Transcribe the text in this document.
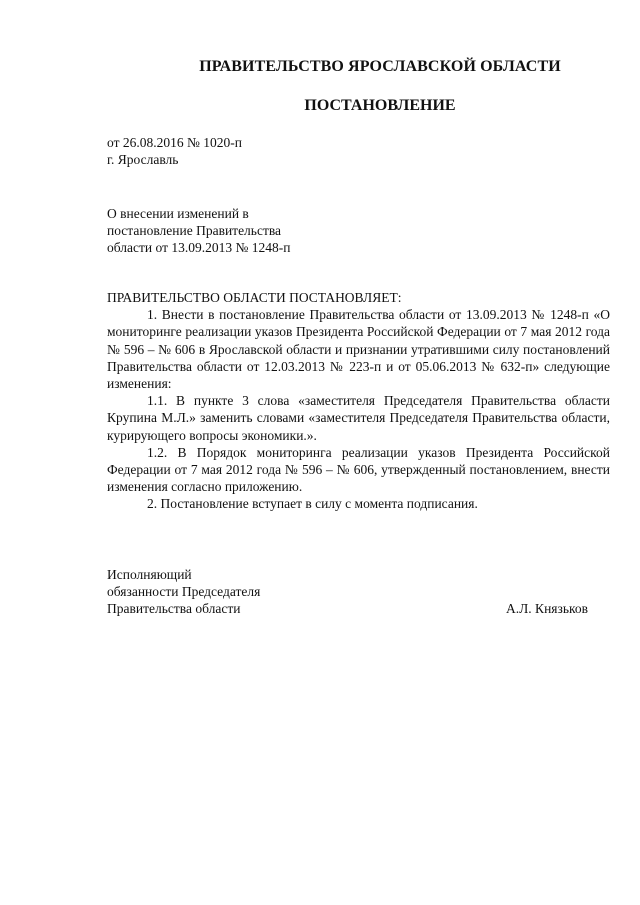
ПРАВИТЕЛЬСТВО ЯРОСЛАВСКОЙ ОБЛАСТИ
ПОСТАНОВЛЕНИЕ
от 26.08.2016 № 1020-п
г. Ярославль
О внесении изменений в
постановление Правительства
области от 13.09.2013 № 1248-п

ПРАВИТЕЛЬСТВО ОБЛАСТИ ПОСТАНОВЛЯЕТ:

1. Внести в постановление Правительства области от 13.09.2013 № 1248-п «О мониторинге реализации указов Президента Российской Федерации от 7 мая 2012 года № 596 – № 606 в Ярославской области и признании утратившими силу постановлений Правительства области от 12.03.2013 № 223-п и от 05.06.2013 № 632-п» следующие изменения:

1.1. В пункте 3 слова «заместителя Председателя Правительства области Крупина М.Л.» заменить словами «заместителя Председателя Правительства области, курирующего вопросы экономики.».

1.2. В Порядок мониторинга реализации указов Президента Российской Федерации от 7 мая 2012 года № 596 – № 606, утвержденный постановлением, внести изменения согласно приложению.

2. Постановление вступает в силу с момента подписания.

Исполняющий
обязанности Председателя
Правительства области	А.Л. Князьков
